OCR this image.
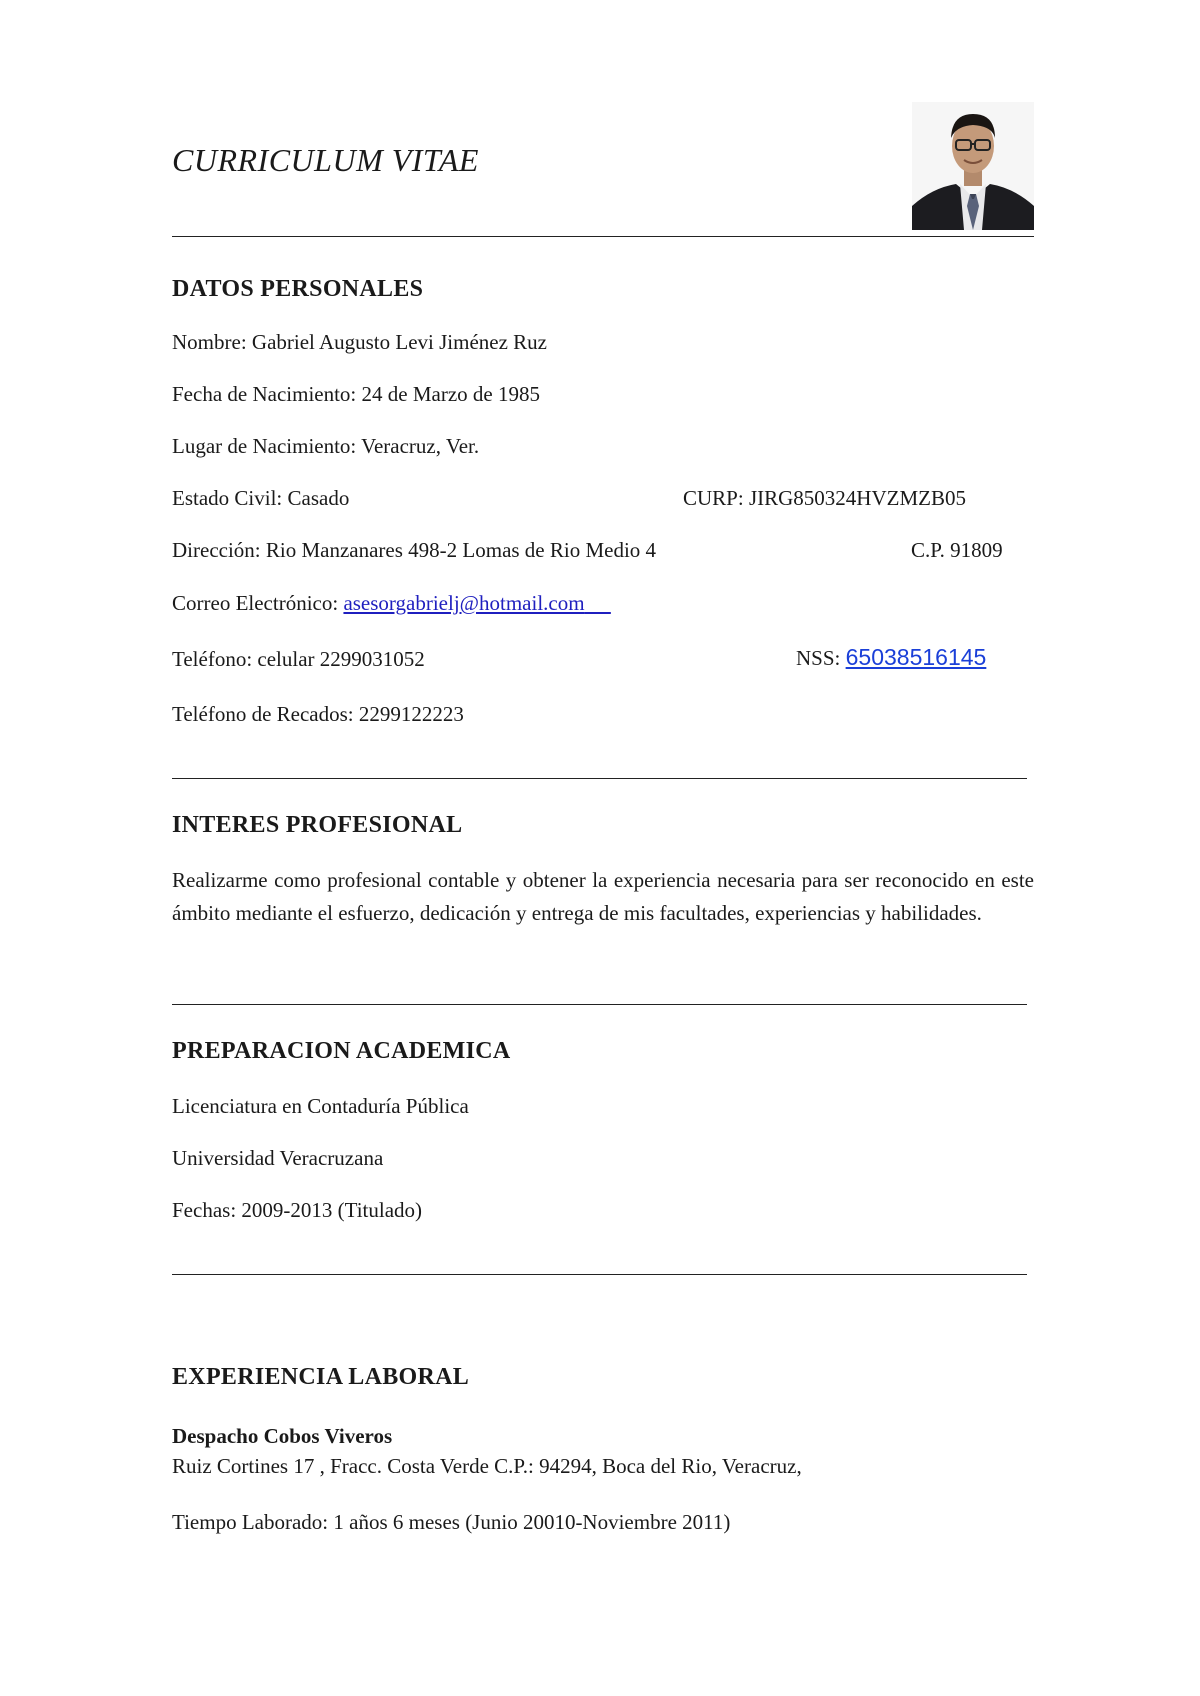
CURRICULUM VITAE
DATOS PERSONALES
Nombre: Gabriel Augusto Levi Jiménez Ruz
Fecha de Nacimiento: 24 de Marzo de 1985
Lugar de Nacimiento: Veracruz, Ver.
Estado Civil: Casado	CURP: JIRG850324HVZMZB05
Dirección: Rio Manzanares 498-2 Lomas de Rio Medio 4	C.P. 91809
Correo Electrónico: asesorgabrielj@hotmail.com
Teléfono: celular 2299031052	NSS: 65038516145
Teléfono de Recados: 2299122223
INTERES PROFESIONAL
Realizarme como profesional contable y obtener la experiencia necesaria para ser reconocido en este ámbito mediante el esfuerzo, dedicación y entrega de mis facultades, experiencias y habilidades.
PREPARACION ACADEMICA
Licenciatura en Contaduría Pública
Universidad Veracruzana
Fechas: 2009-2013 (Titulado)
EXPERIENCIA LABORAL
Despacho Cobos Viveros
Ruiz Cortines 17 , Fracc. Costa Verde C.P.: 94294, Boca del Rio, Veracruz,
Tiempo Laborado: 1 años 6 meses (Junio 20010-Noviembre 2011)
